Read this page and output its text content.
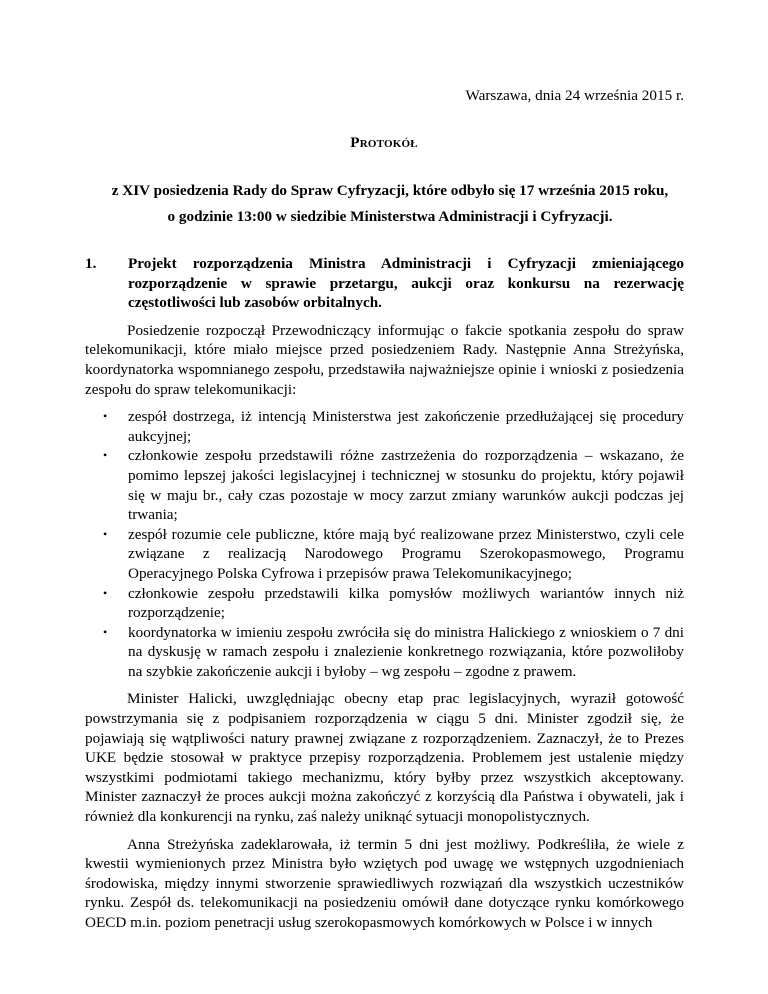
Warszawa, dnia 24 września 2015 r.
Protokół
z XIV posiedzenia Rady do Spraw Cyfryzacji, które odbyło się 17 września 2015 roku,
o godzinie 13:00 w siedzibie Ministerstwa Administracji i Cyfryzacji.
1.	Projekt rozporządzenia Ministra Administracji i Cyfryzacji zmieniającego rozporządzenie w sprawie przetargu, aukcji oraz konkursu na rezerwację częstotliwości lub zasobów orbitalnych.

Posiedzenie rozpoczął Przewodniczący informując o fakcie spotkania zespołu do spraw telekomunikacji, które miało miejsce przed posiedzeniem Rady. Następnie Anna Streżyńska, koordynatorka wspomnianego zespołu, przedstawiła najważniejsze opinie i wnioski z posiedzenia zespołu do spraw telekomunikacji:

• zespół dostrzega, iż intencją Ministerstwa jest zakończenie przedłużającej się procedury aukcyjnej;
• członkowie zespołu przedstawili różne zastrzeżenia do rozporządzenia – wskazano, że pomimo lepszej jakości legislacyjnej i technicznej w stosunku do projektu, który pojawił się w maju br., cały czas pozostaje w mocy zarzut zmiany warunków aukcji podczas jej trwania;
• zespół rozumie cele publiczne, które mają być realizowane przez Ministerstwo, czyli cele związane z realizacją Narodowego Programu Szerokopasmowego, Programu Operacyjnego Polska Cyfrowa i przepisów prawa Telekomunikacyjnego;
• członkowie zespołu przedstawili kilka pomysłów możliwych wariantów innych niż rozporządzenie;
• koordynatorka w imieniu zespołu zwróciła się do ministra Halickiego z wnioskiem o 7 dni na dyskusję w ramach zespołu i znalezienie konkretnego rozwiązania, które pozwoliłoby na szybkie zakończenie aukcji i byłoby – wg zespołu – zgodne z prawem.

Minister Halicki, uwzględniając obecny etap prac legislacyjnych, wyraził gotowość powstrzymania się z podpisaniem rozporządzenia w ciągu 5 dni. Minister zgodził się, że pojawiają się wątpliwości natury prawnej związane z rozporządzeniem. Zaznaczył, że to Prezes UKE będzie stosował w praktyce przepisy rozporządzenia. Problemem jest ustalenie między wszystkimi podmiotami takiego mechanizmu, który byłby przez wszystkich akceptowany. Minister zaznaczył że proces aukcji można zakończyć z korzyścią dla Państwa i obywateli, jak i również dla konkurencji na rynku, zaś należy uniknąć sytuacji monopolistycznych.

Anna Streżyńska zadeklarowała, iż termin 5 dni jest możliwy. Podkreśliła, że wiele z kwestii wymienionych przez Ministra było wziętych pod uwagę we wstępnych uzgodnieniach środowiska, między innymi stworzenie sprawiedliwych rozwiązań dla wszystkich uczestników rynku. Zespół ds. telekomunikacji na posiedzeniu omówił dane dotyczące rynku komórkowego OECD m.in. poziom penetracji usług szerokopasmowych komórkowych w Polsce i w innych
